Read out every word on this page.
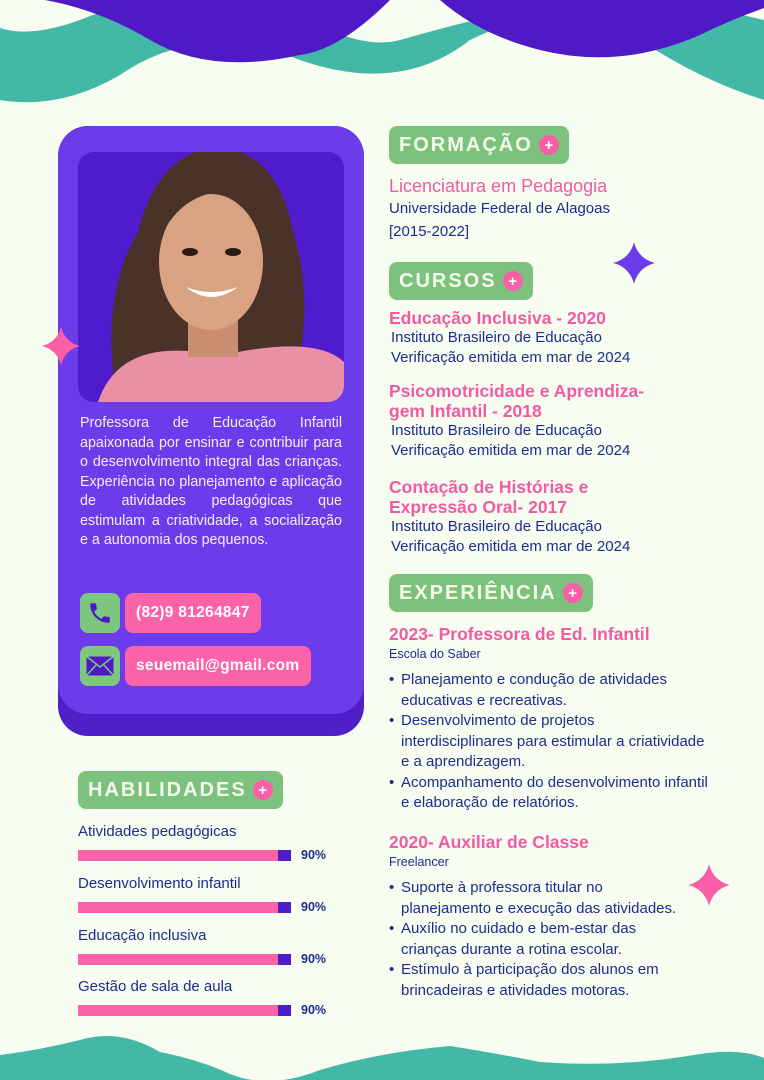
Professora de Educação Infantil apaixonada por ensinar e contribuir para o desenvolvimento integral das crianças. Experiência no planejamento e aplicação de atividades pedagógicas que estimulam a criatividade, a socialização e a autonomia dos pequenos.
(82)9 81264847
seuemail@gmail.com
FORMAÇÃO +
Licenciatura em Pedagogia
Universidade Federal de Alagoas
[2015-2022]
CURSOS +
Educação Inclusiva - 2020
Instituto Brasileiro de Educação
Verificação emitida em mar de 2024
Psicomotricidade e Aprendiza-
gem Infantil - 2018
Instituto Brasileiro de Educação
Verificação emitida em mar de 2024
Contação de Histórias e
Expressão Oral- 2017
Instituto Brasileiro de Educação
Verificação emitida em mar de 2024
EXPERIÊNCIA +
2023- Professora de Ed. Infantil
Escola do Saber
• Planejamento e condução de atividades educativas e recreativas.
• Desenvolvimento de projetos interdisciplinares para estimular a criatividade e a aprendizagem.
• Acompanhamento do desenvolvimento infantil e elaboração de relatórios.
2020- Auxiliar de Classe
Freelancer
• Suporte à professora titular no planejamento e execução das atividades.
• Auxílio no cuidado e bem-estar das crianças durante a rotina escolar.
• Estímulo à participação dos alunos em brincadeiras e atividades motoras.
HABILIDADES +
Atividades pedagógicas
90%
Desenvolvimento infantil
90%
Educação inclusiva
90%
Gestão de sala de aula
90%
